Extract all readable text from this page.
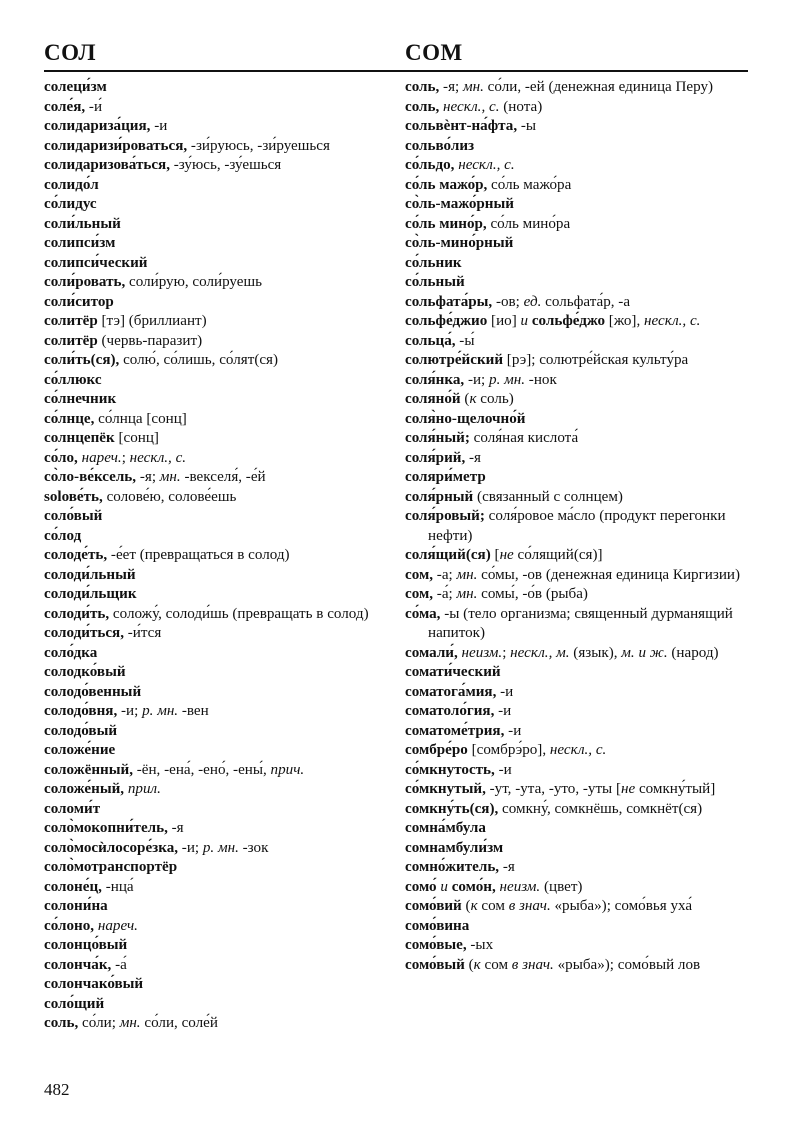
СОЛ	СОМ
солеци́зм
соле́я, -и́
солидариза́ция, -и
солидаризи́роваться, -зи́руюсь, -зи́руешься
солидаризова́ться, -зу́юсь, -зу́ешься
солидо́л
со́лидус
соли́льный
солипси́зм
солипси́ческий
соли́ровать, соли́рую, соли́руешь
соли́ситор
солитёр [тэ] (бриллиант)
солитёр (червь-паразит)
соли́ть(ся), солю́, со́лишь, со́лят(ся)
со́ллюкс
со́лнечник
со́лнце, со́лнца [сонц]
солнцепёк [сонц]
со́ло, нареч.; нескл., с.
со̀ло-ве́ксель, -я; мн. -векселя́, -е́й
solове́ть, солове́ю, солове́ешь
соло́вый
со́лод
солоде́ть, -е́ет (превращаться в солод)
солоди́льный
солоди́льщик
солоди́ть, соложу́, солоди́шь (превращать в солод)
солоди́ться, -и́тся
соло́дка
солодко́вый
солодо́венный
солодо́вня, -и; р. мн. -вен
солодо́вый
соложе́ние
соложённый, -ён, -ена́, -ено́, -ены́, прич.
соложе́ный, прил.
соломи́т
соло̀мокопни́тель, -я
соло̀мосѝлосоре́зка, -и; р. мн. -зок
соло̀мотранспортёр
солоне́ц, -нца́
солони́на
со́лоно, нареч.
солонцо́вый
солонча́к, -а́
солончако́вый
соло́щий
соль, со́ли; мн. со́ли, соле́й
соль, -я; мн. со́ли, -ей (денежная единица Перу)
соль, нескл., с. (нота)
сольвѐнт-на́фта, -ы
сольво́лиз
со́льдо, нескл., с.
со́ль мажо́р, со́ль мажо́ра
со̀ль-мажо́рный
со́ль мино́р, со́ль мино́ра
со̀ль-мино́рный
со́льник
со́льный
сольфата́ры, -ов; ед. сольфата́р, -а
сольфе́джио [ио] и сольфе́джо [жо], нескл., с.
сольца́, -ы́
солютре́йский [рэ]; солютре́йская культу́ра
соля́нка, -и; р. мн. -нок
соляно́й (к соль)
соля̀но-щелочно́й
соля́ный; соля́ная кислота́
соля́рий, -я
соляри́метр
соля́рный (связанный с солнцем)
соля́ровый; соля́ровое ма́сло (продукт перегонки нефти)
соля́щий(ся) [не со́лящий(ся)]
сом, -а; мн. со́мы, -ов (денежная единица Киргизии)
сом, -а́; мн. сомы́, -о́в (рыба)
со́ма, -ы (тело организма; священный дурманящий напиток)
сомали́, неизм.; нескл., м. (язык), м. и ж. (народ)
сомати́ческий
соматога́мия, -и
соматоло́гия, -и
соматоме́трия, -и
сомбре́ро [сомбрэ́ро], нескл., с.
со́мкнутость, -и
со́мкнутый, -ут, -ута, -уто, -уты [не сомкну́тый]
сомкну́ть(ся), сомкну́, сомкнёшь, сомкнёт(ся)
сомна́мбула
сомнамбули́зм
сомно́житель, -я
сомо́ и сомо́н, неизм. (цвет)
сомо́вий (к сом в знач. «рыба»); сомо́вья уха́
сомо́вина
сомо́вые, -ых
сомо́вый (к сом в знач. «рыба»); сомо́вый лов
482
